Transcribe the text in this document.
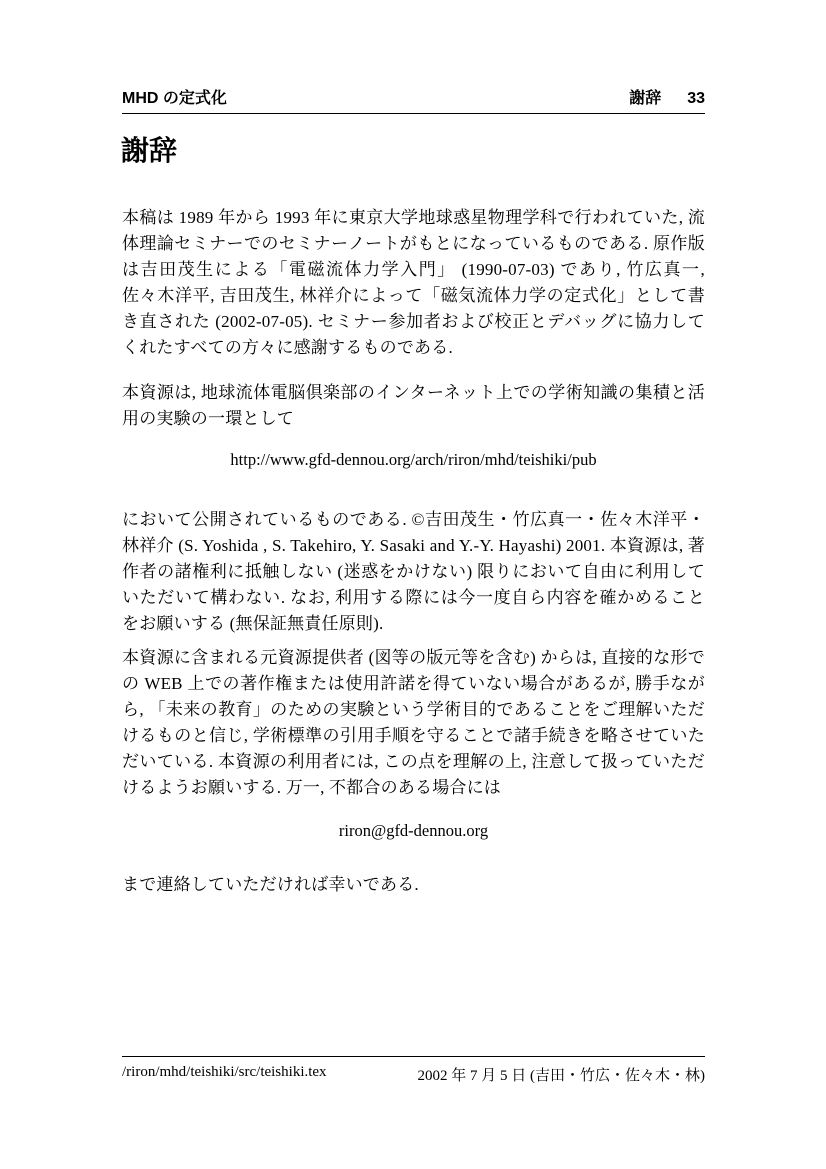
MHD の定式化	謝辞 33
謝辞

本稿は 1989 年から 1993 年に東京大学地球惑星物理学科で行われていた, 流体理論セミナーでのセミナーノートがもとになっているものである. 原作版は吉田茂生による「電磁流体力学入門」 (1990-07-03) であり, 竹広真一, 佐々木洋平, 吉田茂生, 林祥介によって「磁気流体力学の定式化」として書き直された (2002-07-05). セミナー参加者および校正とデバッグに協力してくれたすべての方々に感謝するものである.

本資源は, 地球流体電脳倶楽部のインターネット上での学術知識の集積と活用の実験の一環として

http://www.gfd-dennou.org/arch/riron/mhd/teishiki/pub

において公開されているものである. ©吉田茂生・竹広真一・佐々木洋平・林祥介 (S. Yoshida , S. Takehiro, Y. Sasaki and Y.-Y. Hayashi) 2001. 本資源は, 著作者の諸権利に抵触しない (迷惑をかけない) 限りにおいて自由に利用していただいて構わない. なお, 利用する際には今一度自ら内容を確かめることをお願いする (無保証無責任原則).

本資源に含まれる元資源提供者 (図等の版元等を含む) からは, 直接的な形での WEB 上での著作権または使用許諾を得ていない場合があるが, 勝手ながら, 「未来の教育」のための実験という学術目的であることをご理解いただけるものと信じ, 学術標準の引用手順を守ることで諸手続きを略させていただいている. 本資源の利用者には, この点を理解の上, 注意して扱っていただけるようお願いする. 万一, 不都合のある場合には

riron@gfd-dennou.org

まで連絡していただければ幸いである.

/riron/mhd/teishiki/src/teishiki.tex	2002 年 7 月 5 日 (吉田・竹広・佐々木・林)
